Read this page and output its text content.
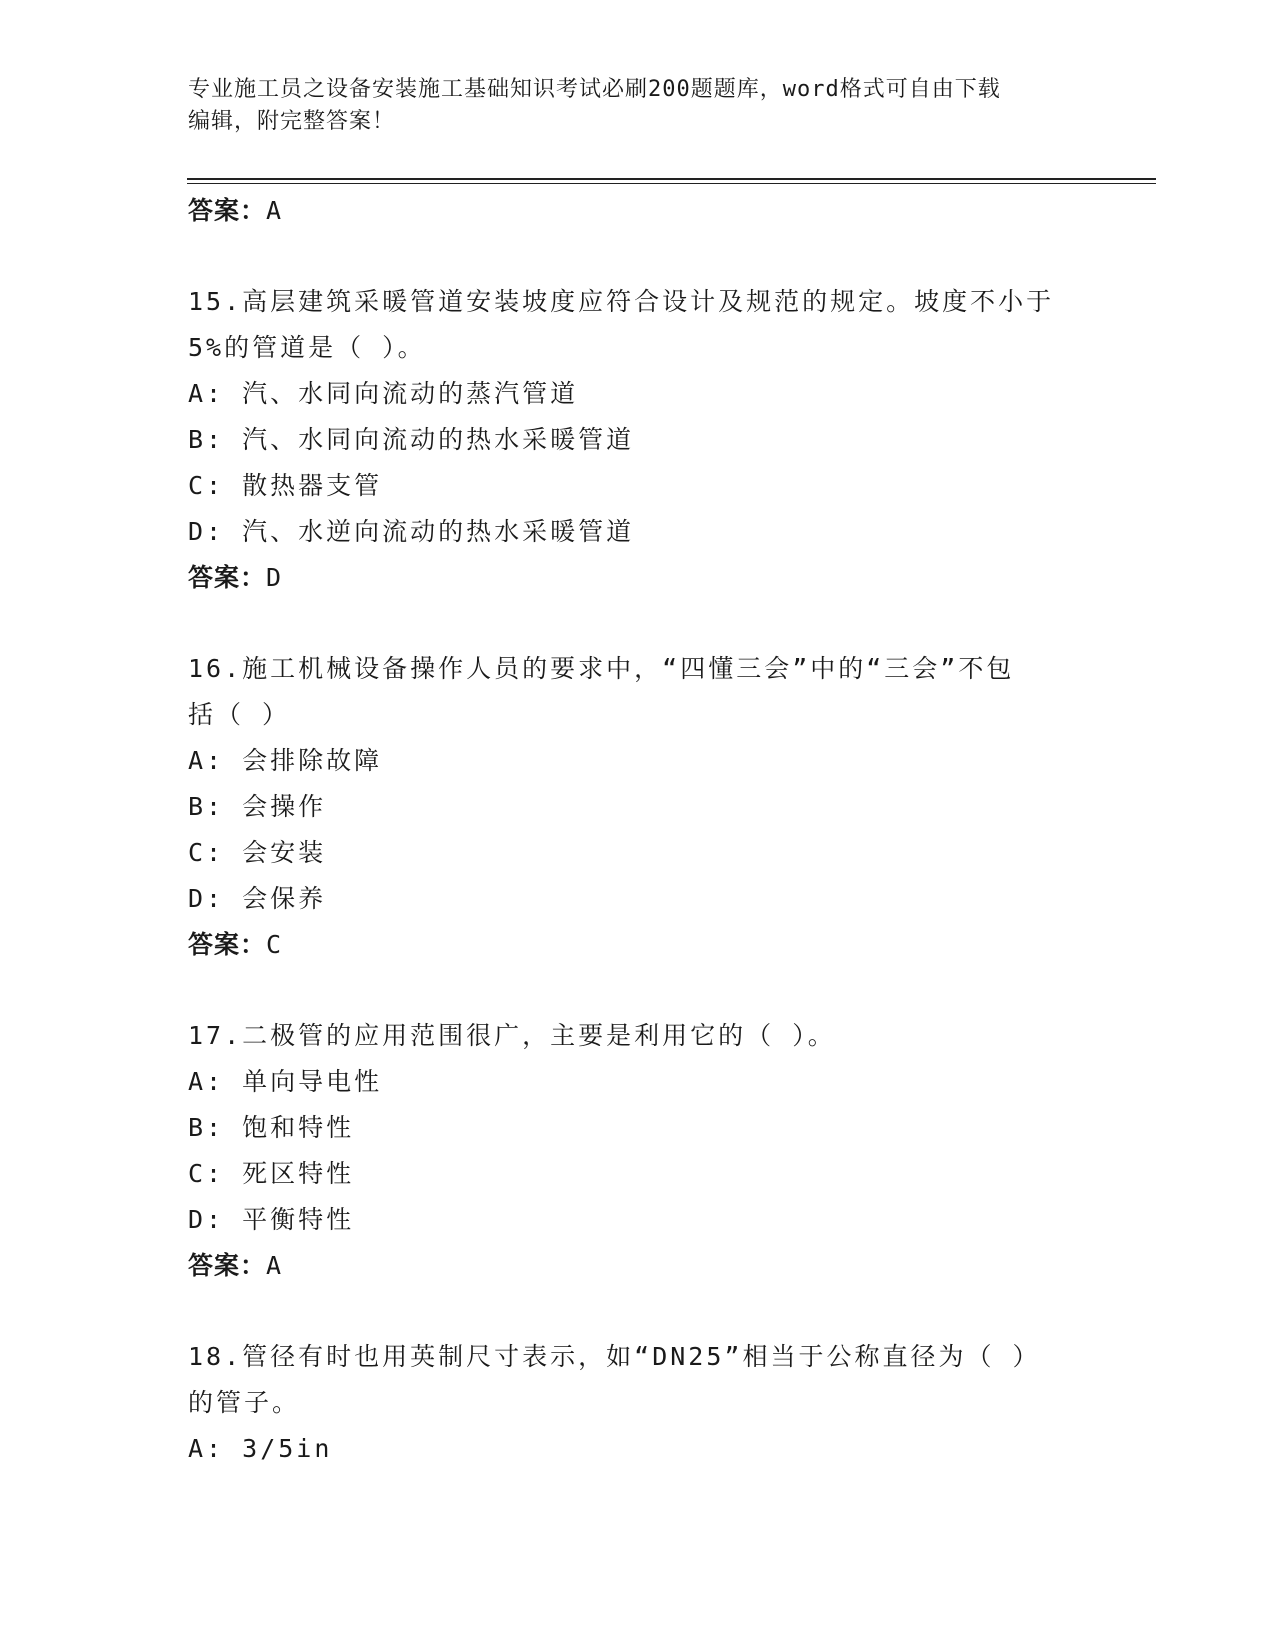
专业施工员之设备安装施工基础知识考试必刷200题题库，word格式可自由下载
编辑，附完整答案！
答案：A
15.高层建筑采暖管道安装坡度应符合设计及规范的规定。坡度不小于
5%的管道是（ ）。
A: 汽、水同向流动的蒸汽管道
B: 汽、水同向流动的热水采暖管道
C: 散热器支管
D: 汽、水逆向流动的热水采暖管道
答案：D
16.施工机械设备操作人员的要求中，“四懂三会”中的“三会”不包
括（ ）
A: 会排除故障
B: 会操作
C: 会安装
D: 会保养
答案：C
17.二极管的应用范围很广，主要是利用它的（ ）。
A: 单向导电性
B: 饱和特性
C: 死区特性
D: 平衡特性
答案：A
18.管径有时也用英制尺寸表示，如“DN25”相当于公称直径为（ ）
的管子。
A: 3/5in
